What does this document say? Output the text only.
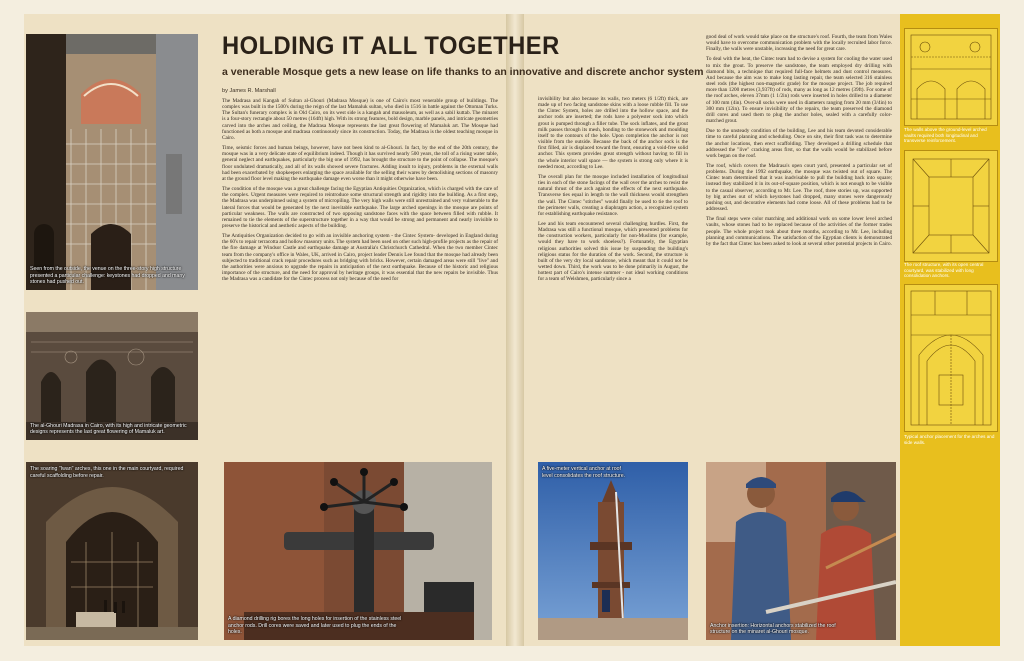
Seen from the outside, the venue on the three-story high structure presented a particular challenge: keystones had dropped and many stones had pushed out.
The al-Ghouri Madrasa in Cairo, with its high and intricate geometric designs represents the last great flowering of Mamaluk art.
The soaring "Iwan" arches, this one in the main courtyard, required careful scaffolding before repair.
A diamond drilling rig bores the long holes for insertion of the stainless steel anchor rods. Drill cores were saved and later used to plug the ends of the holes.
HOLDING IT ALL TOGETHER
a venerable Mosque gets a new lease on life thanks to an innovative and discrete anchor system
by James R. Marshall

The Madrasa and Kangah of Sultan al-Ghouri (Madrasa Mosque) is one of Cairo's most venerable group of buildings. The complex was built in the 1500's during the reign of the last Mamaluk sultan, who died in 1516 in battle against the Ottoman Turks. The Sultan's funerary complex is in Old Cairo, on its west side is a kangah and mausoleum, as well as a sabil kuttab. The minaret is a four-story rectangle about 50 metres (164ft) high. With its strong features, bold design, marble panels, and intricate geometries carved into the arches and ceiling, the Madrasa Mosque represents the last great flowering of Mamaluk art. The Mosque had functioned as both a mosque and madrasa continuously since its construction. Today, the Madrasa is the oldest teaching mosque in Cairo.

Time, seismic forces and human beings, however, have not been kind to al-Ghouri. In fact, by the end of the 20th century, the mosque was in a very delicate state of equilibrium indeed. Though it has survived nearly 500 years, the toll of a rising water table, general neglect and earthquakes, particularly the big one of 1992, has brought the structure to the point of collapse. The mosque's floor undulated dramatically, and all of its walls showed severe fractures. Adding insult to injury, problems in the external walls had been exacerbated by shopkeepers enlarging the space available for the selling their wares by demolishing sections of masonry at the ground floor level making the earthquake damage even worse than it might otherwise have been.

The condition of the mosque was a great challenge facing the Egyptian Antiquities Organization, which is charged with the care of the complex. Urgent measures were required to reintroduce some structural strength and rigidity into the building. As a first step, the Madrasa was underpinned using a system of micropiling. The very high walls were still unrestrained and very vulnerable to the lateral forces that would be generated by the next inevitable earthquake. The large arched openings in the mosque are points of particular weakness. The walls are constructed of two opposing sandstone faces with the space between filled with rubble. It remained to tie the elements of the superstructure together in a way that would be strong and permanent and nearly invisible to preserve the historical and aesthetic aspects of the building.

The Antiquities Organization decided to go with an invisible anchoring system - the Cintec System- developed in England during the 60's to repair terracotta and hollow masonry units. The system had been used on other such high-profile projects as the repair of the fire damage at Windsor Castle and earthquake damage at Australia's Christchurch Cathedral. When the two member Cintec team from the company's office in Wales, UK, arrived in Cairo, project leader Dennis Lee found that the mosque had already been subjected to traditional crack repair procedures such as bridging with bricks. However, certain damaged areas were still "live" and the authorities were anxious to upgrade the repairs in anticipation of the next earthquake. Because of the historic and religious importance of the structure, and the need for approval by heritage groups, it was essential that the new repairs be invisible. Thus the Madrasa was a candidate for the Cintec process not only because of the need for

invisibility but also because its walls, two meters (6 1/2ft) thick, are made up of two facing sandstone skins with a loose rubble fill. To use the Cintec System, holes are drilled into the hollow space, and the anchor rods are inserted; the rods have a polyester sock into which grout is pumped through a filler tube. The sock inflates, and the grout milk passes through its mesh, bonding to the stonework and moulding itself to the contours of the hole. Upon completion the anchor is not visible from the outside. Because the back of the anchor sock is the first filled, air is displaced toward the front, ensuring a void-free solid anchor. This system provides great strength without having to fill in the whole interior wall space — the system is strong only where it is needed most, according to Lee.

The overall plan for the mosque included installation of longitudinal ties in each of the stone facings of the wall over the arches to resist the natural thrust of the arch against the effects of the next earthquake. Transverse ties equal in length to the wall thickness would strengthen the wall. The Cintec "stitches" would finally be used to tie the roof to the perimeter walls, creating a diaphragm action, a recognized system for establishing earthquake resistance.

Lee and his team encountered several challenging hurdles. First, the Madrasa was still a functional mosque, which presented problems for the construction workers, particularly for non-Muslims (for example, would they have to work shoeless?). Fortunately, the Egyptian religious authorities solved this issue by suspending the building's religious status for the duration of the work. Second, the structure is built of the very dry local sandstone, which meant that it could not be wetted down. Third, the work was to be done primarily in August, the hottest part of Cairo's intense summer - not ideal working conditions for a team of Welshmen, particularly since a

good deal of work would take place on the structure's roof. Fourth, the team from Wales would have to overcome communication problem with the locally recruited labor force. Finally, the walls were unstable, increasing the need for great care.

To deal with the heat, the Cintec team had to devise a system for cooling the water used to mix the grout. To preserve the sandstone, the team employed dry drilling with diamond bits, a technique that required full-face helmets and dust control measures. And because the aim was to make long lasting repair, the team selected 316 stainless steel rods (the highest non-magnetic grade) for the mosque project. The job required more than 1200 metres (3,937ft) of rods, many as long as 12 metres (39ft). For some of the roof arches, eleven 37mm (1 1/2in) rods were inserted in holes drilled to a diameter of 100 mm (4in). Over-all socks were used in diameters ranging from 20 mm (3/4in) to 300 mm (12in). To ensure invisibility of the repairs, the team preserved the diamond drill cores and used them to plug the anchor holes, sealed with a carefully color-matched grout.

Due to the unsteady condition of the building, Lee and his team devoted considerable time to careful planning and scheduling. Once on site, their first task was to determine the anchor locations, then erect scaffolding. They developed a drilling schedule that addressed the "live" cracking areas first, so that the walls would be stabilized before work began on the roof.

The roof, which covers the Madrasa's open court yard, presented a particular set of problems. During the 1992 earthquake, the mosque was twisted out of square. The Cintec team determined that it was inadvisable to pull the building back into square; instead they stabilized it in its out-of-square position, which is not enough to be visible to the casual observer, according to Mr. Lee. The roof, three stories up, was supported by big arches out of which keystones had dropped, many stones were dangerously pushing out, and decorative elements had come loose. All of these problems had to be addressed.

The final steps were color matching and additional work on some lower level arched vaults, whose stones had to be replaced because of the activities of the former trades people. The whole project took about three months, according to Mr. Lee, including planning and communications. The satisfaction of the Egyptian clients is demonstrated by the fact that Cintec has been asked to look at several other potential projects in Cairo.

A five-meter vertical anchor at roof level consolidates the roof structure.
Anchor insertion: Horizontal anchors stabilized the roof structure on the minaret al-Ghouri mosque.
The walls above the ground-level arched vaults required both longitudinal and transverse reinforcement.
The roof structure, with its open central courtyard, was stabilized with long consolidation anchors.
Typical anchor placement for the arches and side walls.
